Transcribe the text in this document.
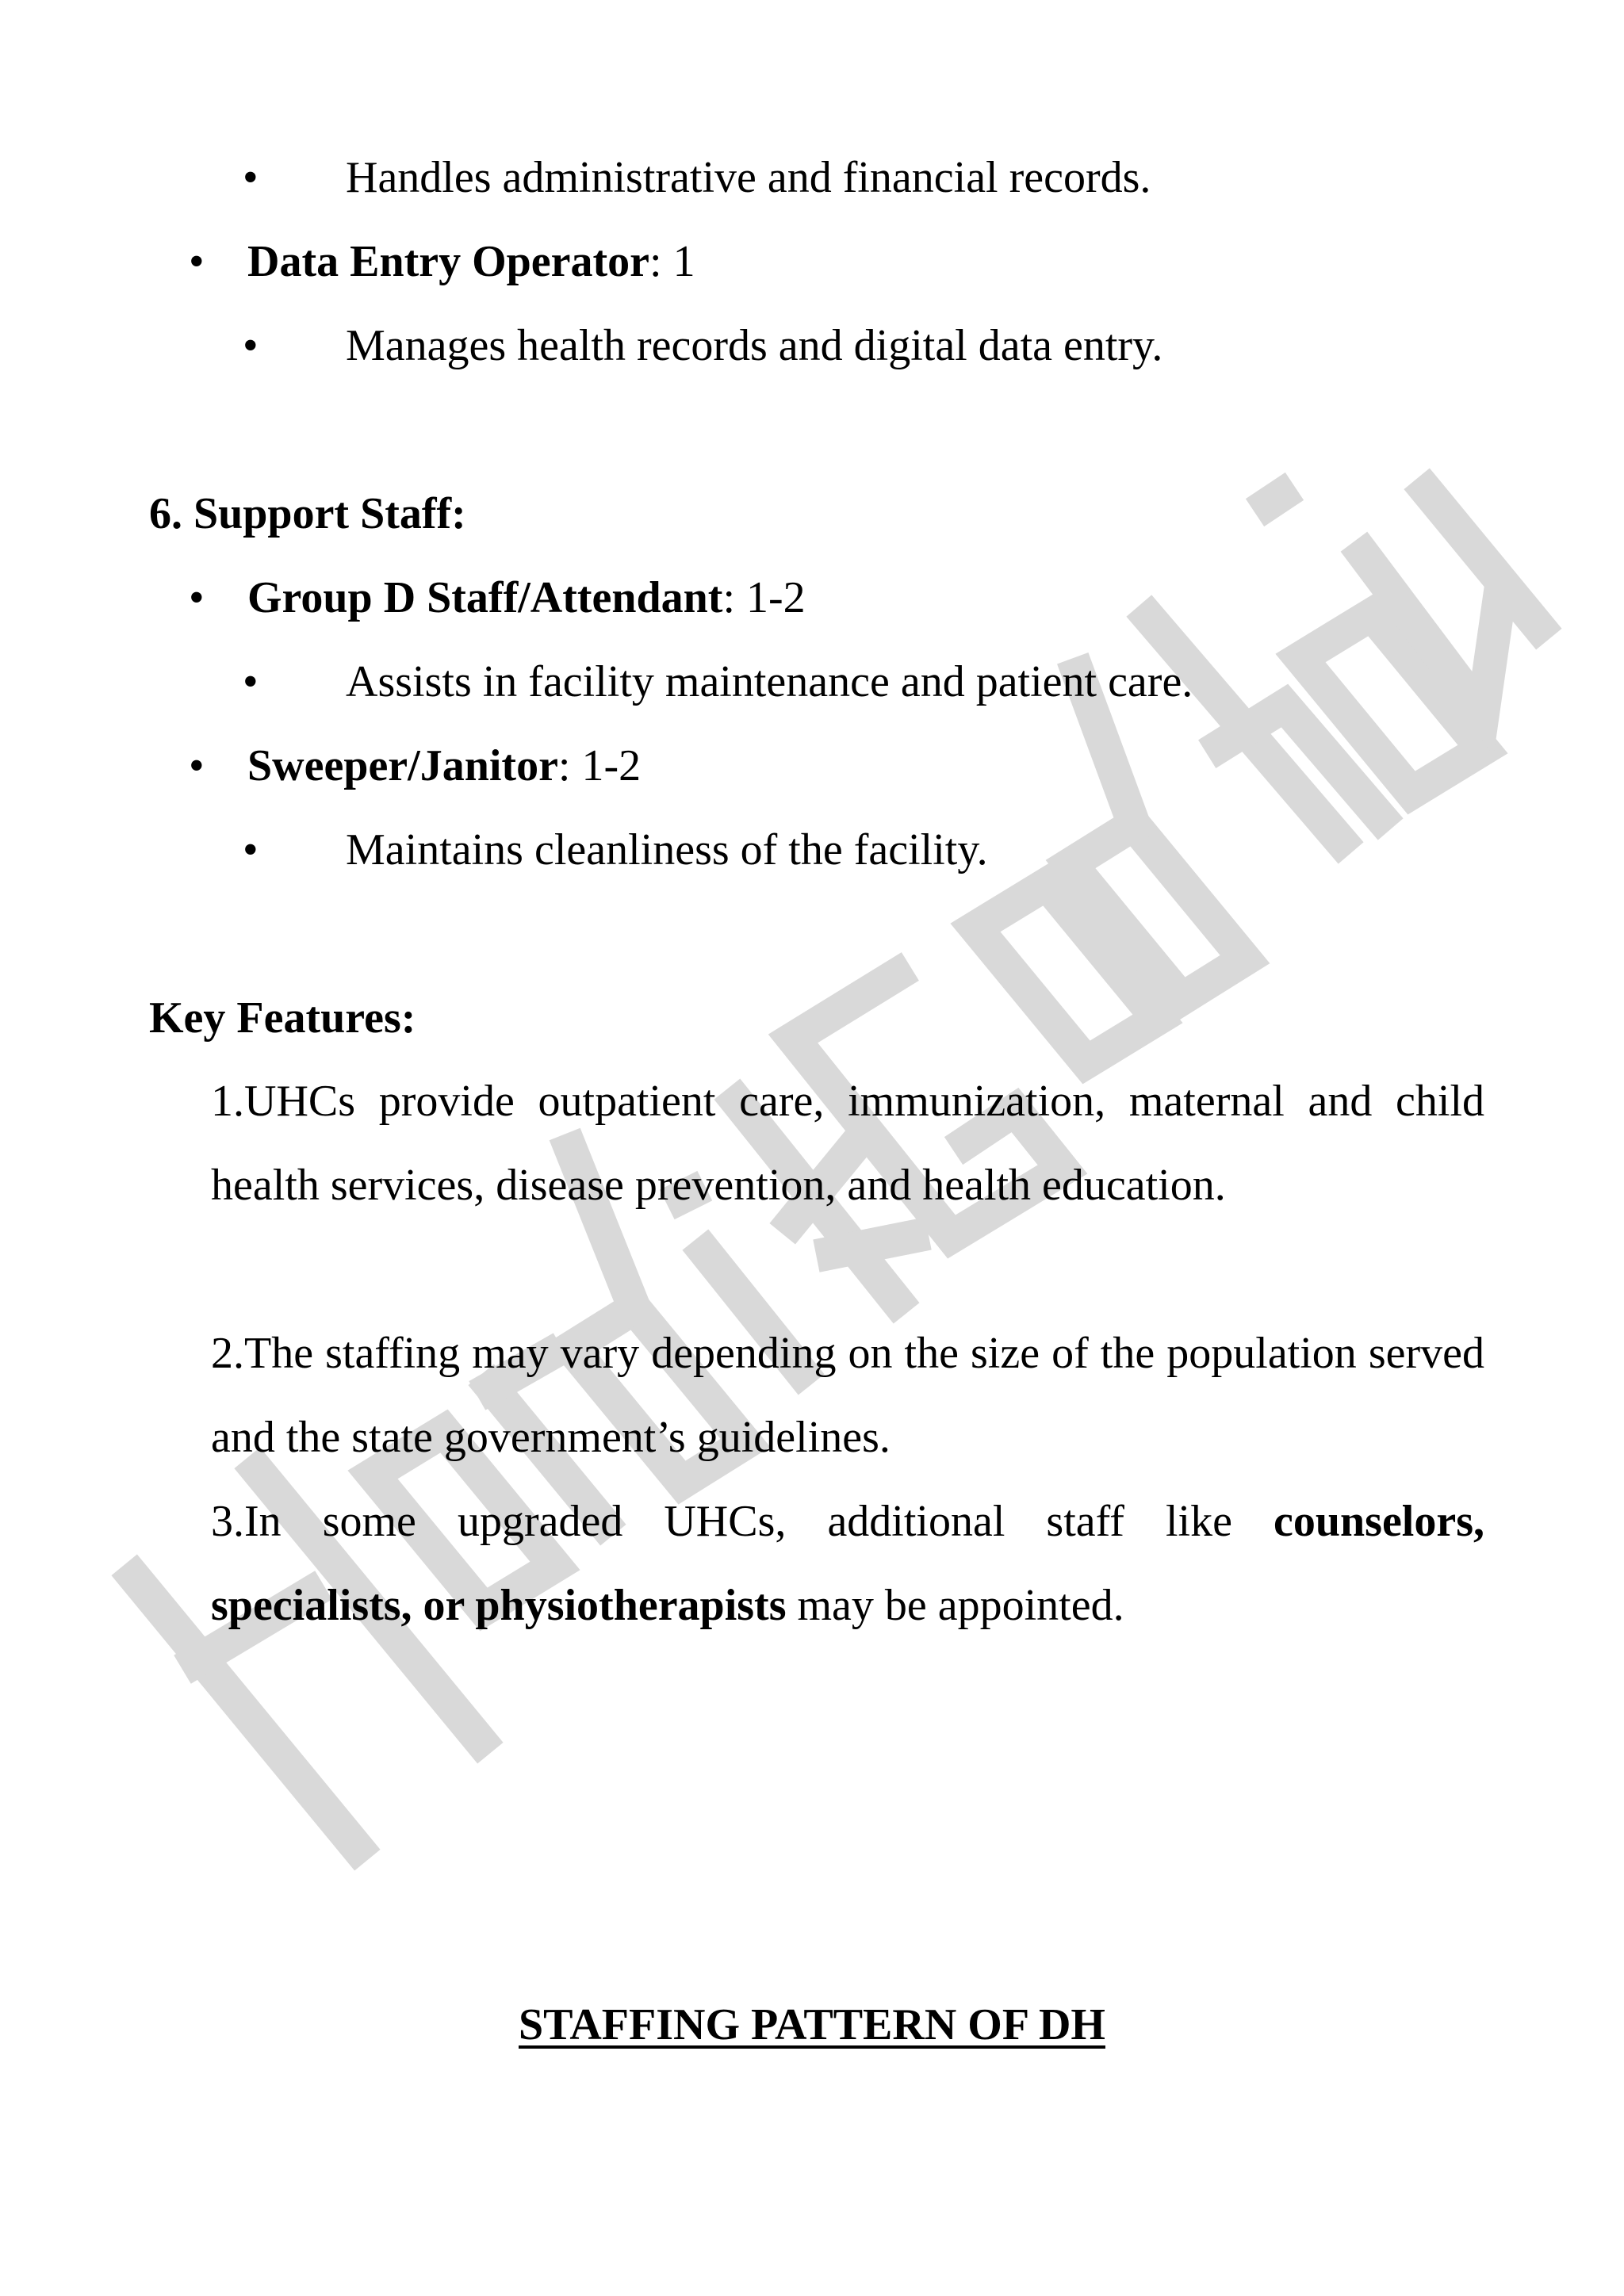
• Handles administrative and financial records.
• Data Entry Operator: 1
• Manages health records and digital data entry.
6. Support Staff:
• Group D Staff/Attendant: 1-2
• Assists in facility maintenance and patient care.
• Sweeper/Janitor: 1-2
• Maintains cleanliness of the facility.
Key Features:
1.UHCs provide outpatient care, immunization, maternal and child health services, disease prevention, and health education.
2.The staffing may vary depending on the size of the population served and the state government’s guidelines.
3.In some upgraded UHCs, additional staff like counselors, specialists, or physiotherapists may be appointed.
STAFFING PATTERN OF DH
